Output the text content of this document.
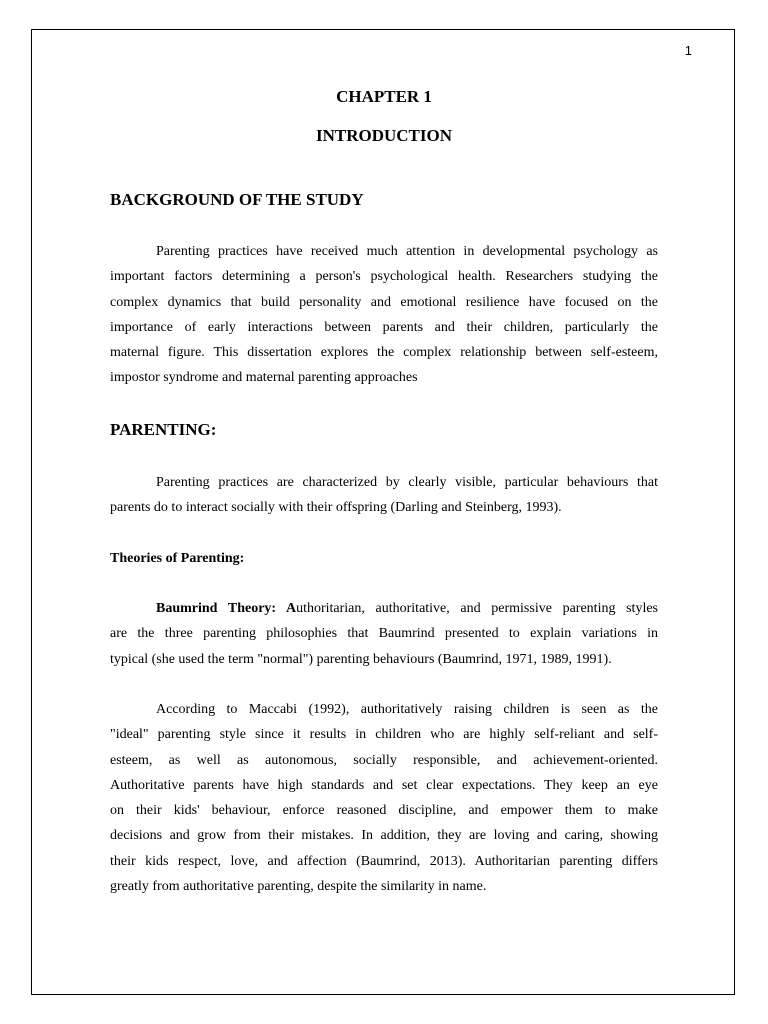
1
CHAPTER 1
INTRODUCTION
BACKGROUND OF THE STUDY
Parenting practices have received much attention in developmental psychology as
important factors determining a person's psychological health. Researchers studying the
complex dynamics that build personality and emotional resilience have focused on the
importance of early interactions between parents and their children, particularly the
maternal figure. This dissertation explores the complex relationship between self-esteem,
impostor syndrome and maternal parenting approaches
PARENTING:
Parenting practices are characterized by clearly visible, particular behaviours that
parents do to interact socially with their offspring (Darling and Steinberg, 1993).
Theories of Parenting:
Baumrind Theory: Authoritarian, authoritative, and permissive parenting styles
are the three parenting philosophies that Baumrind presented to explain variations in
typical (she used the term "normal") parenting behaviours (Baumrind, 1971, 1989, 1991).
According to Maccabi (1992), authoritatively raising children is seen as the
"ideal" parenting style since it results in children who are highly self-reliant and self-
esteem, as well as autonomous, socially responsible, and achievement-oriented.
Authoritative parents have high standards and set clear expectations. They keep an eye
on their kids' behaviour, enforce reasoned discipline, and empower them to make
decisions and grow from their mistakes. In addition, they are loving and caring, showing
their kids respect, love, and affection (Baumrind, 2013). Authoritarian parenting differs
greatly from authoritative parenting, despite the similarity in name.
